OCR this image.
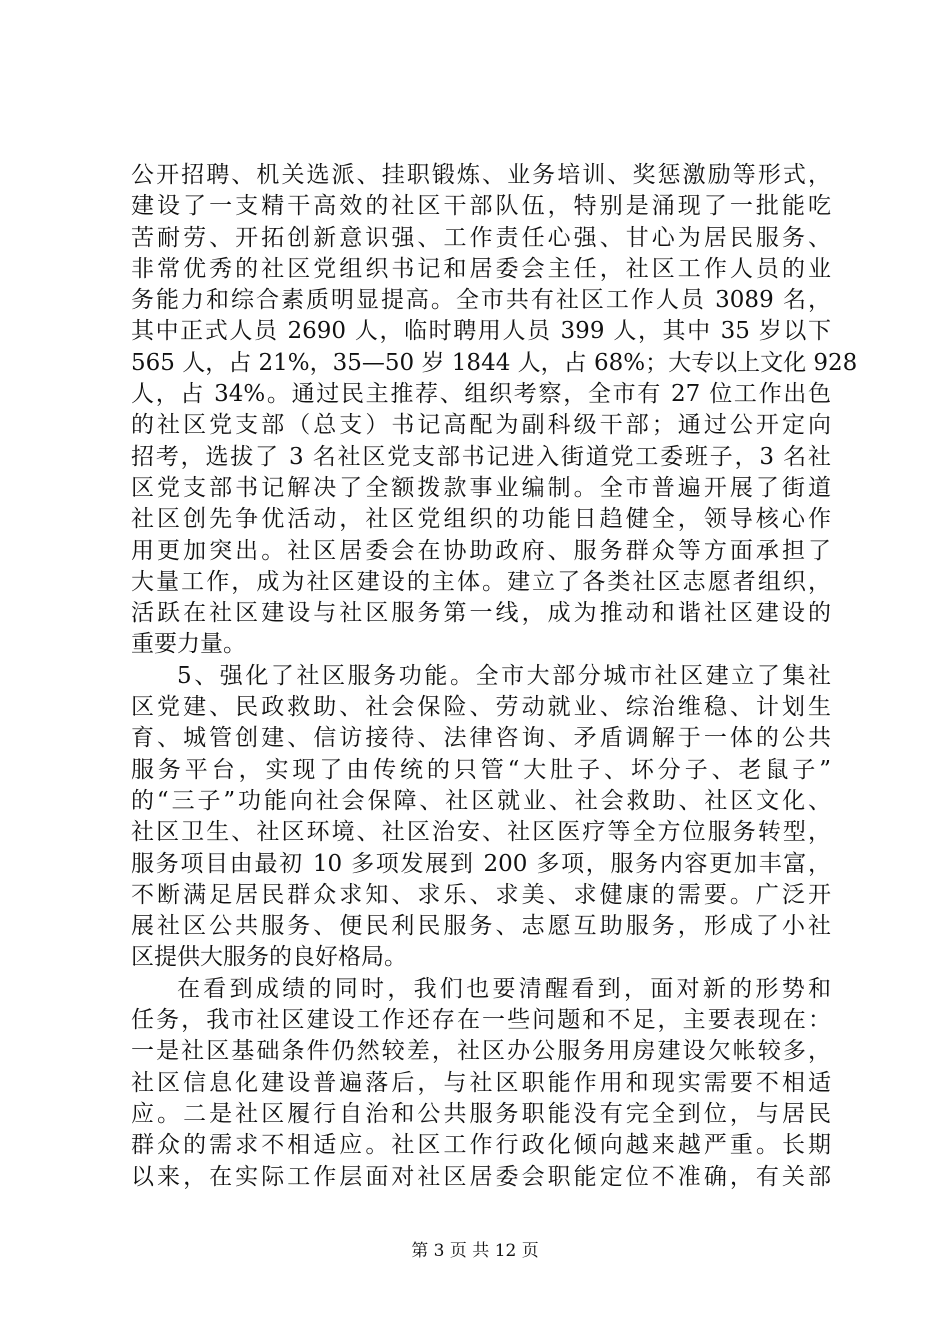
公开招聘、机关选派、挂职锻炼、业务培训、奖惩激励等形式，
建设了一支精干高效的社区干部队伍，特别是涌现了一批能吃
苦耐劳、开拓创新意识强、工作责任心强、甘心为居民服务、
非常优秀的社区党组织书记和居委会主任，社区工作人员的业
务能力和综合素质明显提高。全市共有社区工作人员 3089 名，
其中正式人员 2690 人，临时聘用人员 399 人，其中 35 岁以下
565 人，占 21%，35—50 岁 1844 人，占 68%；大专以上文化 928
人，占 34%。通过民主推荐、组织考察，全市有 27 位工作出色
的社区党支部（总支）书记高配为副科级干部；通过公开定向
招考，选拔了 3 名社区党支部书记进入街道党工委班子，3 名社
区党支部书记解决了全额拨款事业编制。全市普遍开展了街道
社区创先争优活动，社区党组织的功能日趋健全，领导核心作
用更加突出。社区居委会在协助政府、服务群众等方面承担了
大量工作，成为社区建设的主体。建立了各类社区志愿者组织，
活跃在社区建设与社区服务第一线，成为推动和谐社区建设的
重要力量。
5、强化了社区服务功能。全市大部分城市社区建立了集社
区党建、民政救助、社会保险、劳动就业、综治维稳、计划生
育、城管创建、信访接待、法律咨询、矛盾调解于一体的公共
服务平台，实现了由传统的只管“大肚子、坏分子、老鼠子”
的“三子”功能向社会保障、社区就业、社会救助、社区文化、
社区卫生、社区环境、社区治安、社区医疗等全方位服务转型，
服务项目由最初 10 多项发展到 200 多项，服务内容更加丰富，
不断满足居民群众求知、求乐、求美、求健康的需要。广泛开
展社区公共服务、便民利民服务、志愿互助服务，形成了小社
区提供大服务的良好格局。
在看到成绩的同时，我们也要清醒看到，面对新的形势和
任务，我市社区建设工作还存在一些问题和不足，主要表现在：
一是社区基础条件仍然较差，社区办公服务用房建设欠帐较多，
社区信息化建设普遍落后，与社区职能作用和现实需要不相适
应。二是社区履行自治和公共服务职能没有完全到位，与居民
群众的需求不相适应。社区工作行政化倾向越来越严重。长期
以来，在实际工作层面对社区居委会职能定位不准确，有关部
第 3 页 共 12 页
